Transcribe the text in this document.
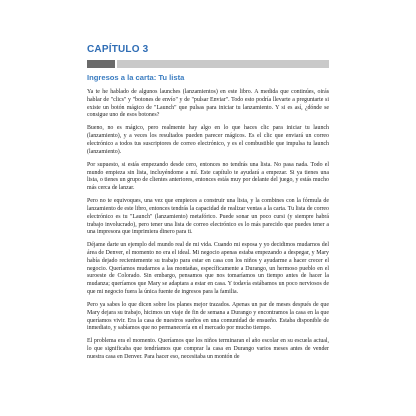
CAPÍTULO 3
Ingresos a la carta: Tu lista

Ya te he hablado de algunos launches (lanzamientos) en este libro. A medida que continúes, oirás hablar de "clics" y "botones de envío" y de "pulsar Enviar". Todo esto podría llevarte a preguntarte si existe un botón mágico de "Launch" que pulsas para iniciar tu lanzamiento. Y si es así, ¿dónde se consigue uno de esos botones?

Bueno, no es mágico, pero realmente hay algo en lo que haces clic para iniciar tu launch (lanzamiento), y a veces los resultados pueden parecer mágicos. Es el clic que enviará un correo electrónico a todos tus suscriptores de correo electrónico, y es el combustible que impulsa tu launch (lanzamiento).

Por supuesto, si estás empezando desde cero, entonces no tendrás una lista. No pasa nada. Todo el mundo empieza sin lista, incluyéndome a mí. Este capítulo te ayudará a empezar. Si ya tienes una lista, o tienes un grupo de clientes anteriores, entonces estás muy por delante del juego, y estás mucho más cerca de lanzar.

Pero no te equivoques, una vez que empieces a construir una lista, y la combines con la fórmula de lanzamiento de este libro, entonces tendrás la capacidad de realizar ventas a la carta. Tu lista de correo electrónico es tu "Launch" (lanzamiento) metafórico. Puede sonar un poco cursi (y siempre habrá trabajo involucrado), pero tener una lista de correo electrónico es lo más parecido que puedes tener a una impresora que imprimiera dinero para ti.

Déjame darte un ejemplo del mundo real de mi vida. Cuando mi esposa y yo decidimos mudarnos del área de Denver, el momento no era el ideal. Mi negocio apenas estaba empezando a despegar, y Mary había dejado recientemente su trabajo para estar en casa con los niños y ayudarme a hacer crecer el negocio. Queríamos mudarnos a las montañas, específicamente a Durango, un hermoso pueblo en el suroeste de Colorado. Sin embargo, pensamos que nos tomaríamos un tiempo antes de hacer la mudanza; queríamos que Mary se adaptara a estar en casa. Y todavía estábamos un poco nerviosos de que mi negocio fuera la única fuente de ingresos para la familia.

Pero ya sabes lo que dicen sobre los planes mejor trazados. Apenas un par de meses después de que Mary dejara su trabajo, hicimos un viaje de fin de semana a Durango y encontramos la casa en la que queríamos vivir. Era la casa de nuestros sueños en una comunidad de ensueño. Estaba disponible de inmediato, y sabíamos que no permanecería en el mercado por mucho tiempo.

El problema era el momento. Queríamos que los niños terminaran el año escolar en su escuela actual, lo que significaba que tendríamos que comprar la casa en Durango varios meses antes de vender nuestra casa en Denver. Para hacer eso, necesitaba un montón de
